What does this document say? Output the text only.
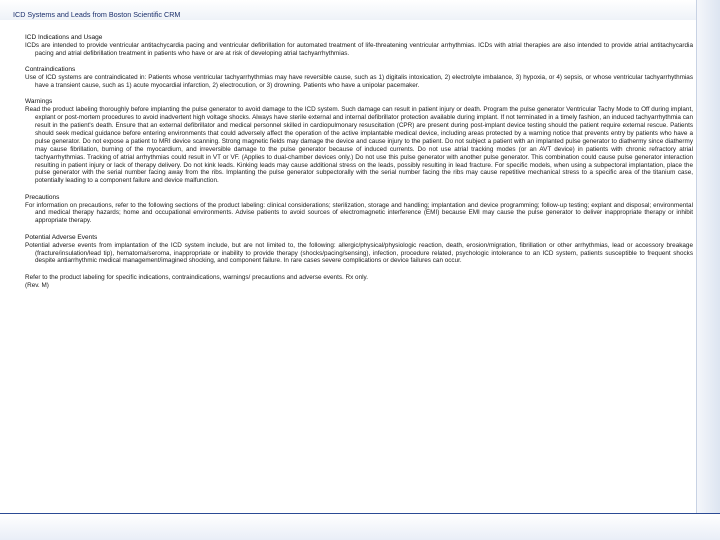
ICD Systems and Leads from Boston Scientific CRM

ICD Indications and Usage

ICDs are intended to provide ventricular antitachycardia pacing and ventricular defibrillation for automated treatment of life-threatening ventricular arrhythmias. ICDs with atrial therapies are also intended to provide atrial antitachycardia pacing and atrial defibrillation treatment in patients who have or are at risk of developing atrial tachyarrhythmias.

Contraindications

Use of ICD systems are contraindicated in: Patients whose ventricular tachyarrhythmias may have reversible cause, such as 1) digitalis intoxication, 2) electrolyte imbalance, 3) hypoxia, or 4) sepsis, or whose ventricular tachyarrhythmias have a transient cause, such as 1) acute myocardial infarction, 2) electrocution, or 3) drowning. Patients who have a unipolar pacemaker.

Warnings

Read the product labeling thoroughly before implanting the pulse generator to avoid damage to the ICD system. Such damage can result in patient injury or death. Program the pulse generator Ventricular Tachy Mode to Off during implant, explant or post-mortem procedures to avoid inadvertent high voltage shocks. Always have sterile external and internal defibrillator protection available during implant. If not terminated in a timely fashion, an induced tachyarrhythmia can result in the patient's death. Ensure that an external defibrillator and medical personnel skilled in cardiopulmonary resuscitation (CPR) are present during post-implant device testing should the patient require external rescue. Patients should seek medical guidance before entering environments that could adversely affect the operation of the active implantable medical device, including areas protected by a warning notice that prevents entry by patients who have a pulse generator. Do not expose a patient to MRI device scanning. Strong magnetic fields may damage the device and cause injury to the patient. Do not subject a patient with an implanted pulse generator to diathermy since diathermy may cause fibrillation, burning of the myocardium, and irreversible damage to the pulse generator because of induced currents. Do not use atrial tracking modes (or an AVT device) in patients with chronic refractory atrial tachyarrhythmias. Tracking of atrial arrhythmias could result in VT or VF. (Applies to dual-chamber devices only.) Do not use this pulse generator with another pulse generator. This combination could cause pulse generator interaction resulting in patient injury or lack of therapy delivery. Do not kink leads. Kinking leads may cause additional stress on the leads, possibly resulting in lead fracture. For specific models, when using a subpectoral implantation, place the pulse generator with the serial number facing away from the ribs. Implanting the pulse generator subpectorally with the serial number facing the ribs may cause repetitive mechanical stress to a specific area of the titanium case, potentially leading to a component failure and device malfunction.

Precautions

For information on precautions, refer to the following sections of the product labeling: clinical considerations; sterilization, storage and handling; implantation and device programming; follow-up testing; explant and disposal; environmental and medical therapy hazards; home and occupational environments. Advise patients to avoid sources of electromagnetic interference (EMI) because EMI may cause the pulse generator to deliver inappropriate therapy or inhibit appropriate therapy.

Potential Adverse Events

Potential adverse events from implantation of the ICD system include, but are not limited to, the following: allergic/physical/physiologic reaction, death, erosion/migration, fibrillation or other arrhythmias, lead or accessory breakage (fracture/insulation/lead tip), hematoma/seroma, inappropriate or inability to provide therapy (shocks/pacing/sensing), infection, procedure related, psychologic intolerance to an ICD system, patients susceptible to frequent shocks despite antiarrhythmic medical management/imagined shocking, and component failure. In rare cases severe complications or device failures can occur.

Refer to the product labeling for specific indications, contraindications, warnings/ precautions and adverse events. Rx only.

(Rev. M)
